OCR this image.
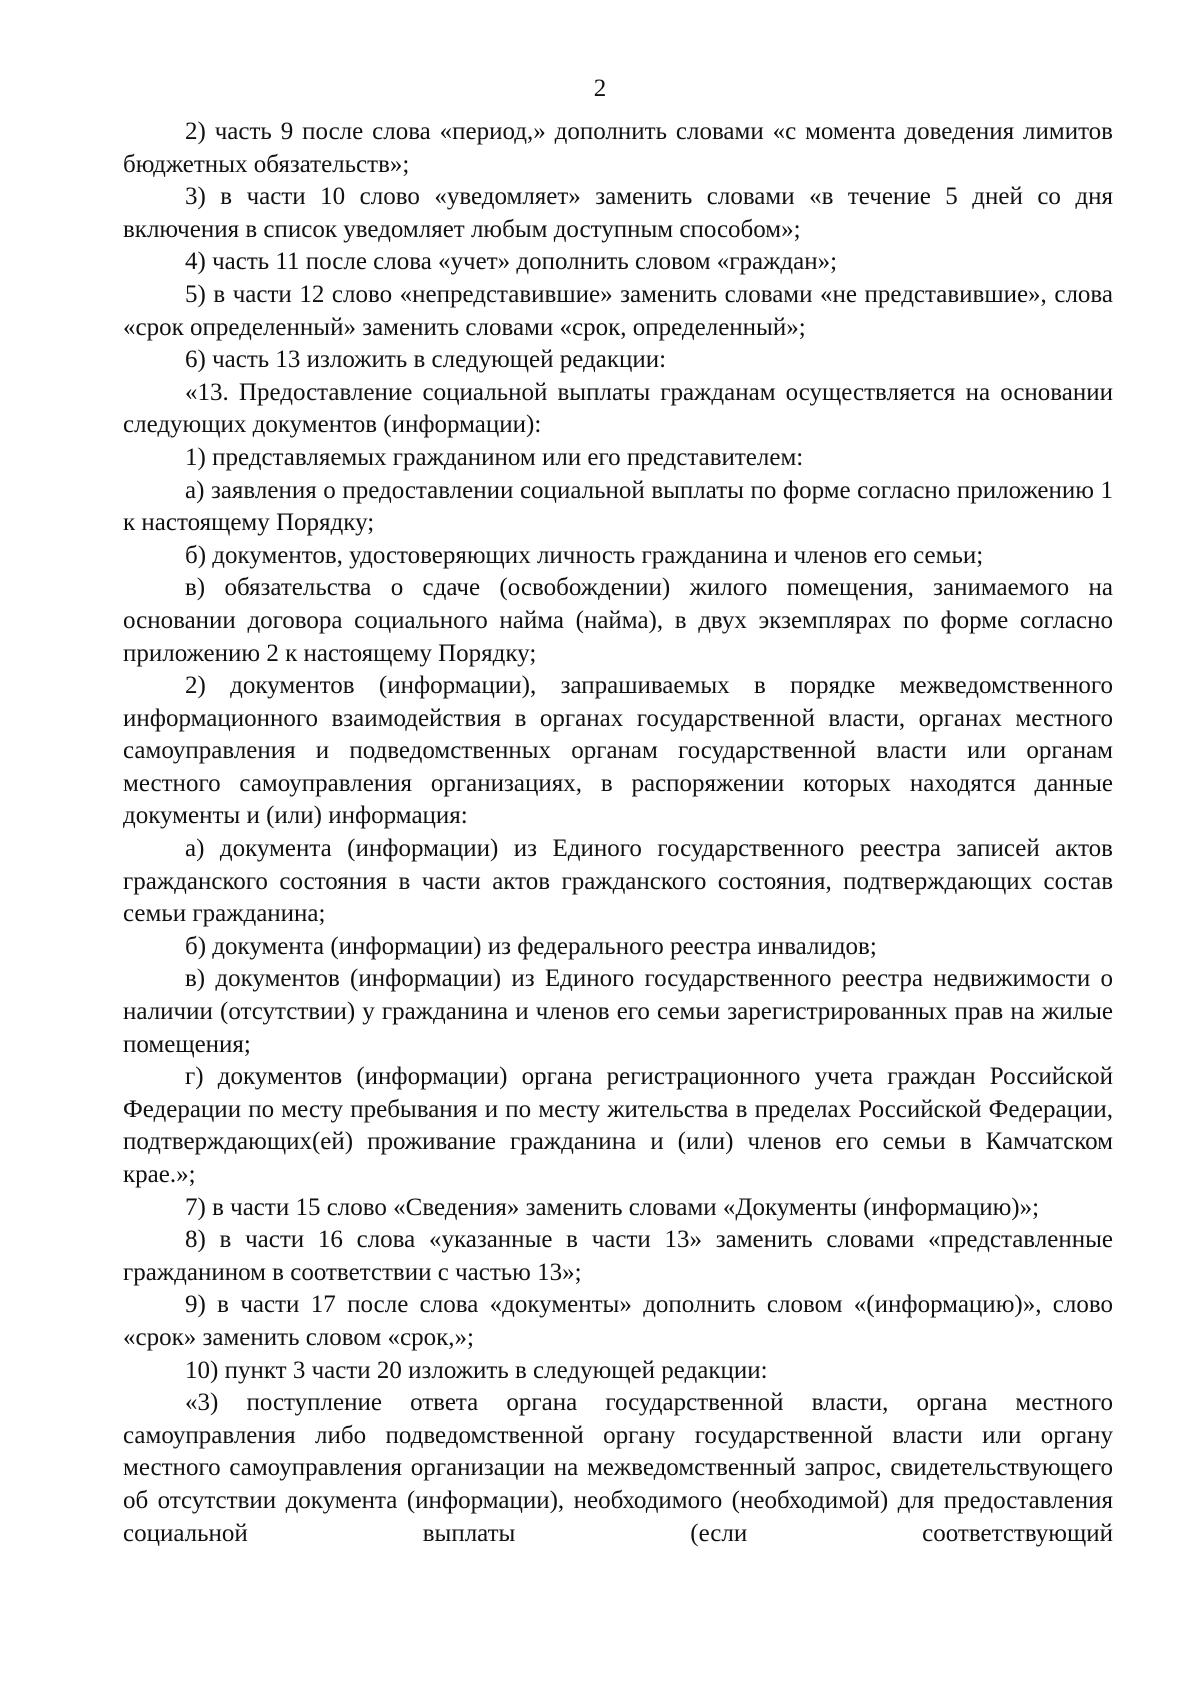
2

2) часть 9 после слова «период,» дополнить словами «с момента доведения лимитов бюджетных обязательств»;

3) в части 10 слово «уведомляет» заменить словами «в течение 5 дней со дня включения в список уведомляет любым доступным способом»;

4) часть 11 после слова «учет» дополнить словом «граждан»;

5) в части 12 слово «непредставившие» заменить словами «не представившие», слова «срок определенный» заменить словами «срок, определенный»;

6) часть 13 изложить в следующей редакции:

«13. Предоставление социальной выплаты гражданам осуществляется на основании следующих документов (информации):

1) представляемых гражданином или его представителем:

а) заявления о предоставлении социальной выплаты по форме согласно приложению 1 к настоящему Порядку;

б) документов, удостоверяющих личность гражданина и членов его семьи;

в) обязательства о сдаче (освобождении) жилого помещения, занимаемого на основании договора социального найма (найма), в двух экземплярах по форме согласно приложению 2 к настоящему Порядку;

2) документов (информации), запрашиваемых в порядке межведомственного информационного взаимодействия в органах государственной власти, органах местного самоуправления и подведомственных органам государственной власти или органам местного самоуправления организациях, в распоряжении которых находятся данные документы и (или) информация:

а) документа (информации) из Единого государственного реестра записей актов гражданского состояния в части актов гражданского состояния, подтверждающих состав семьи гражданина;

б) документа (информации) из федерального реестра инвалидов;

в) документов (информации) из Единого государственного реестра недвижимости о наличии (отсутствии) у гражданина и членов его семьи зарегистрированных прав на жилые помещения;

г) документов (информации) органа регистрационного учета граждан Российской Федерации по месту пребывания и по месту жительства в пределах Российской Федерации, подтверждающих(ей) проживание гражданина и (или) членов его семьи в Камчатском крае.»;

7) в части 15 слово «Сведения» заменить словами «Документы (информацию)»;

8) в части 16 слова «указанные в части 13» заменить словами «представленные гражданином в соответствии с частью 13»;

9) в части 17 после слова «документы» дополнить словом «(информацию)», слово «срок» заменить словом «срок,»;

10) пункт 3 части 20 изложить в следующей редакции:

«3) поступление ответа органа государственной власти, органа местного самоуправления либо подведомственной органу государственной власти или органу местного самоуправления организации на межведомственный запрос, свидетельствующего об отсутствии документа (информации), необходимого (необходимой) для предоставления социальной выплаты (если соответствующий
